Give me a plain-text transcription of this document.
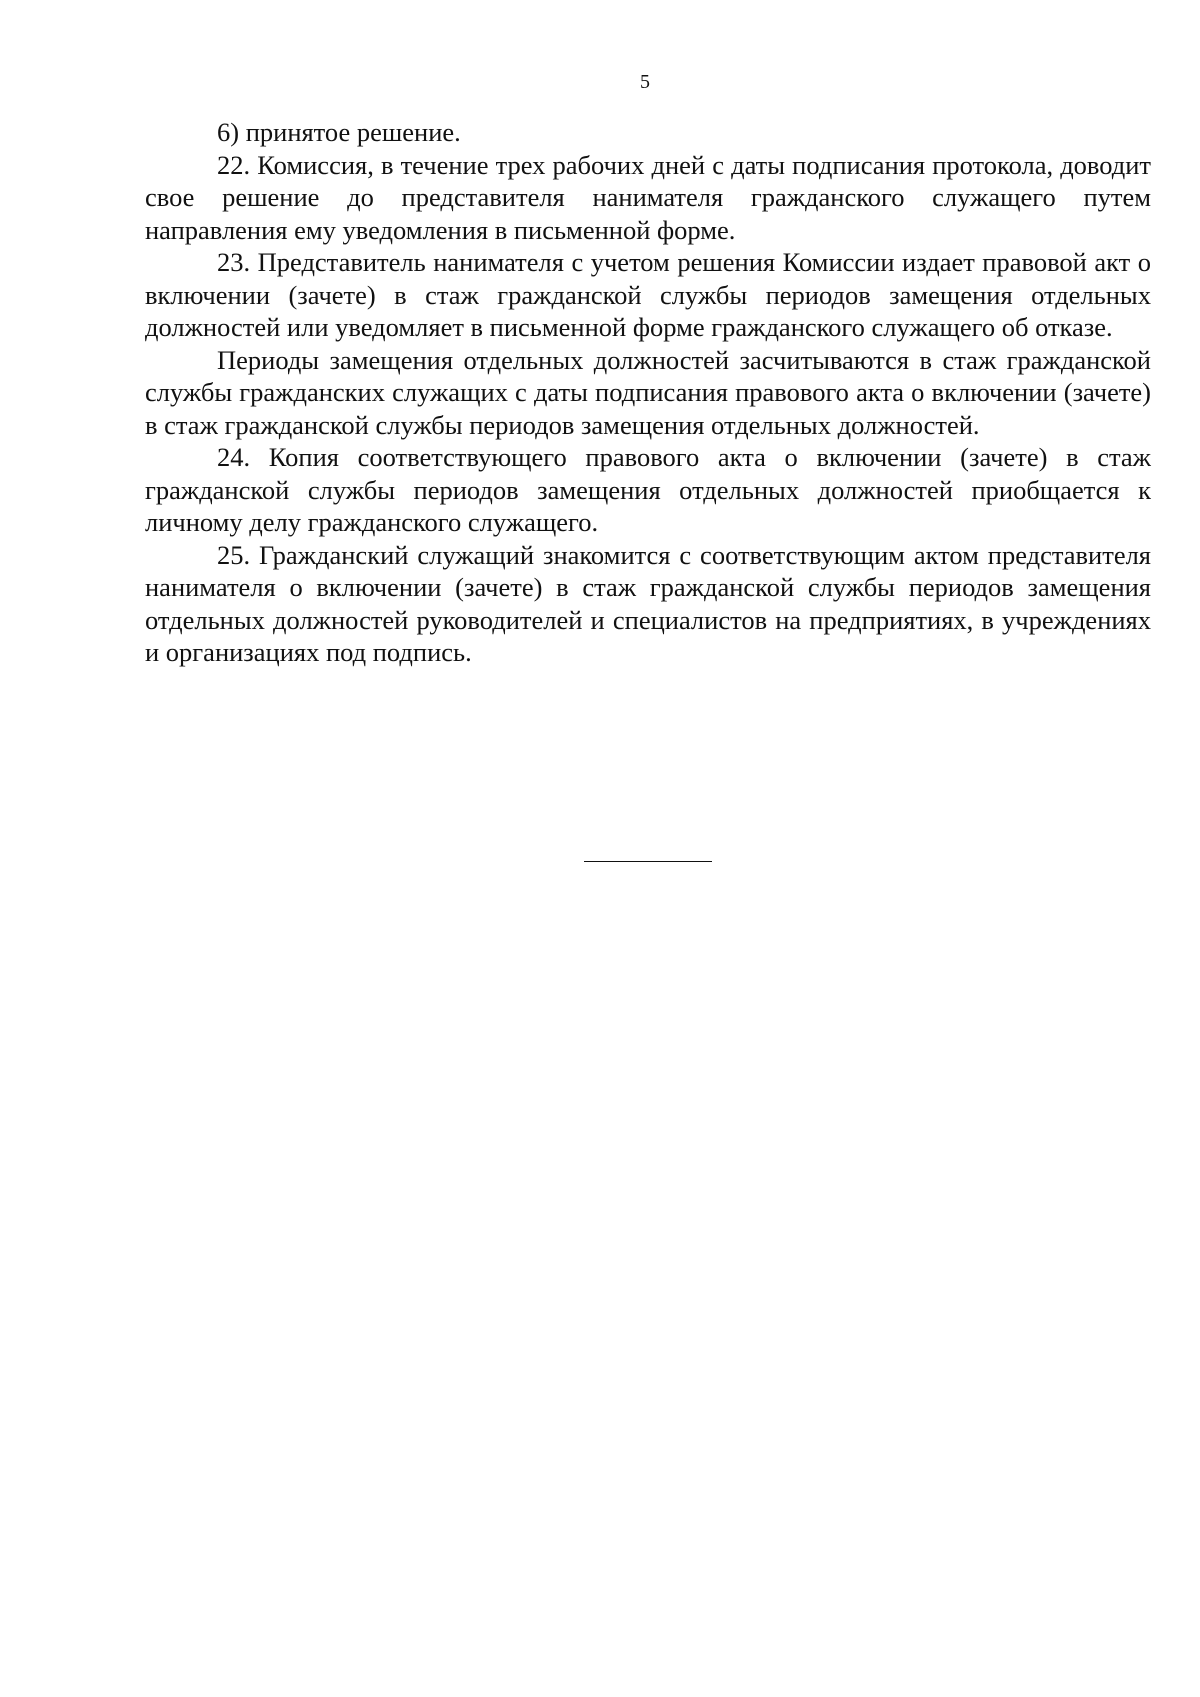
5

6) принятое решение.

22. Комиссия, в течение трех рабочих дней с даты подписания протокола, доводит свое решение до представителя нанимателя гражданского служащего путем направления ему уведомления в письменной форме.

23. Представитель нанимателя с учетом решения Комиссии издает правовой акт о включении (зачете) в стаж гражданской службы периодов замещения отдельных должностей или уведомляет в письменной форме гражданского служащего об отказе.

Периоды замещения отдельных должностей засчитываются в стаж гражданской службы гражданских служащих с даты подписания правового акта о включении (зачете) в стаж гражданской службы периодов замещения отдельных должностей.

24. Копия соответствующего правового акта о включении (зачете) в стаж гражданской службы периодов замещения отдельных должностей приобщается к личному делу гражданского служащего.

25. Гражданский служащий знакомится с соответствующим актом представителя нанимателя о включении (зачете) в стаж гражданской службы периодов замещения отдельных должностей руководителей и специалистов на предприятиях, в учреждениях и организациях под подпись.
